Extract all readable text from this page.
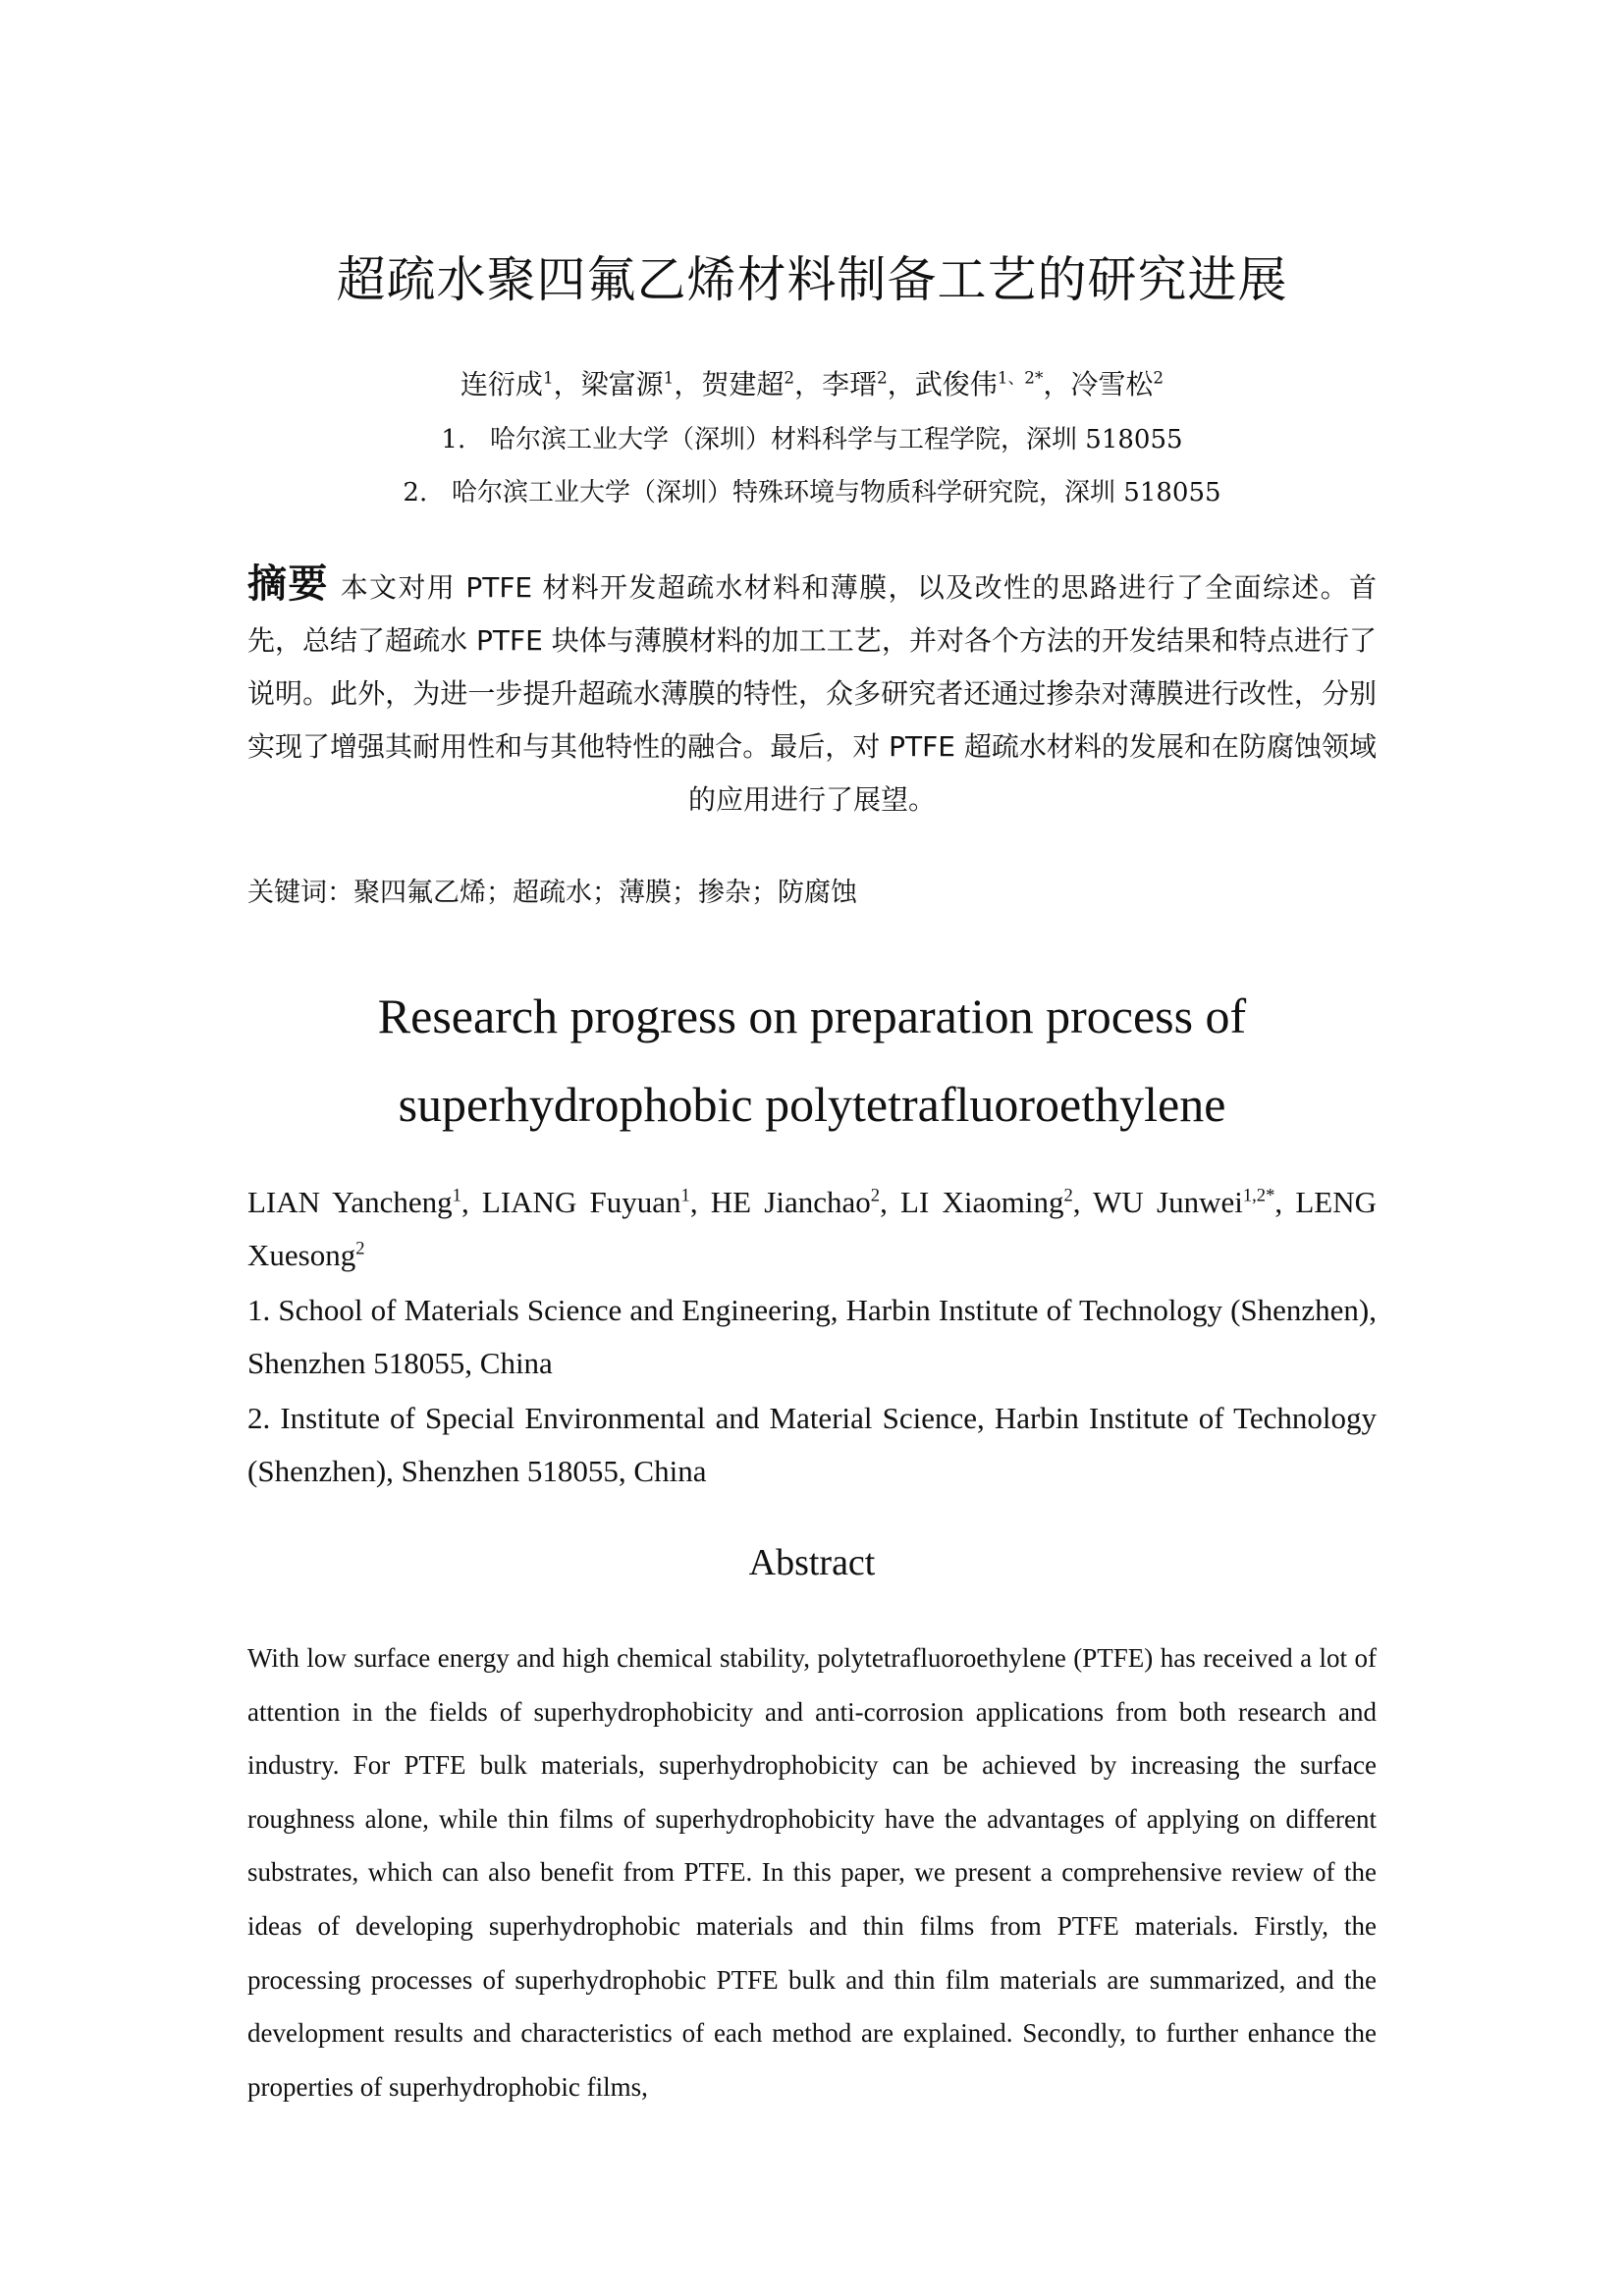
超疏水聚四氟乙烯材料制备工艺的研究进展
连衍成$^1$，梁富源$^1$，贺建超$^2$，李瑨$^2$，武俊伟$^{1、2*}$，冷雪松$^2$
1. 哈尔滨工业大学（深圳）材料科学与工程学院，深圳 518055
2. 哈尔滨工业大学（深圳）特殊环境与物质科学研究院，深圳 518055
摘要 本文对用 PTFE 材料开发超疏水材料和薄膜，以及改性的思路进行了全面综述。首先，总结了超疏水 PTFE 块体与薄膜材料的加工工艺，并对各个方法的开发结果和特点进行了说明。此外，为进一步提升超疏水薄膜的特性，众多研究者还通过掺杂对薄膜进行改性，分别实现了增强其耐用性和与其他特性的融合。最后，对 PTFE 超疏水材料的发展和在防腐蚀领域的应用进行了展望。
关键词：聚四氟乙烯；超疏水；薄膜；掺杂；防腐蚀
Research progress on preparation process of
superhydrophobic polytetrafluoroethylene
LIAN Yancheng$^1$, LIANG Fuyuan$^1$, HE Jianchao$^2$, LI Xiaoming$^2$, WU Junwei$^{1,2*}$, LENG Xuesong$^2$
1. School of Materials Science and Engineering, Harbin Institute of Technology (Shenzhen), Shenzhen 518055, China
2. Institute of Special Environmental and Material Science, Harbin Institute of Technology (Shenzhen), Shenzhen 518055, China
Abstract
With low surface energy and high chemical stability, polytetrafluoroethylene (PTFE) has received a lot of attention in the fields of superhydrophobicity and anti-corrosion applications from both research and industry. For PTFE bulk materials, superhydrophobicity can be achieved by increasing the surface roughness alone, while thin films of superhydrophobicity have the advantages of applying on different substrates, which can also benefit from PTFE. In this paper, we present a comprehensive review of the ideas of developing superhydrophobic materials and thin films from PTFE materials. Firstly, the processing processes of superhydrophobic PTFE bulk and thin film materials are summarized, and the development results and characteristics of each method are explained. Secondly, to further enhance the properties of superhydrophobic films,
